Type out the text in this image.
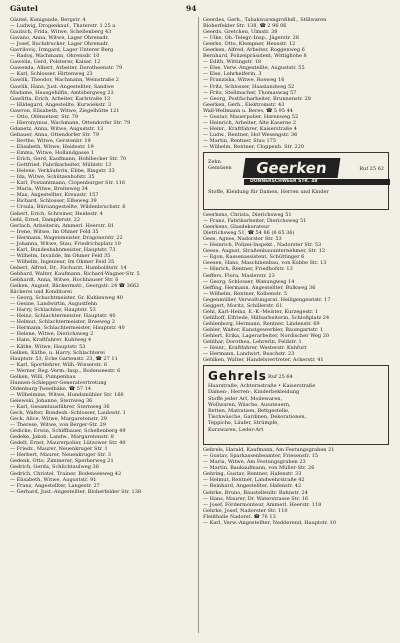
Gäutel	94
Gäutel, Kunigunde, Bergstr. 4
— Ludwig, Drogenkauf., Thaterstr. 1 25 a
Gautsch, Frida, Witwe, Schellenberg 43
Gavano, Anna, Witwe, Lager Ohrensdr.
— Josef, Buchdrucker, Lager Ohrensdr.
Gavriloviç, Irmgard, Lager Unterer Berg
— Radoş, Wachmann, Ohrensdr. 10
Gawelin, Gerd, Polsterer, Kaiser. 12
Gawenda, Albert, Arbeiter, Dorotheenstr. 79
— Karl, Schlosser, Hirtenweg 23
Gawlik, Theodor, Wachmann, Weinstraße 2
Gawlik, Hans, Just.-Angestellter, Sandwe
Madame, Hausgehilfin, Amtsbergweg 23
Gawlitta, Erich, Arbeiter, Karlstraße 13
— Hildegard, Angestellte, Kurwiekstr. 3
Gawron, Elisabeth, Witwe, Ziegelhütte 121
— Otto, Ofensetzer, Str. 79
— Hieronymus, Wachmann, Ottendorfer Str. 79
Gdanetz, Anna, Witwe, Auguststr. 13
Gebauer, Anna, Ottendorfer Str. 79
— Berthe, Witwe, Gerstenbr. 19
— Elisabeth, Witwe, Heidestr. 19
— Emma, Witwe, Hollandgasse 1
— Erich, Gerd, Kaufmann, Hohlbecker Str. 70
— Gottfried, Fabrikarbeiter, Mühlstr. 13
— Helene, Verkäuferin, Ebbe, Ringstr. 33
— Ida, Witwe, Schützenhofstr. 35
— Karl, Postamtmann, Clopenburger Str. 116
— Maria, Witwe, Breiteweg 34
— Max, Angestellter, Kreuzstr. 157
— Richard, Schlosser, Elbeweg 39
— Ursula, Büroangestellte, Wildenbruchstr. 6
Gebert, Erich, Schreiner, Heidestr. 4
Gebl, Ernst, Dampferstr. 22
Gerlach, Arbeiterin, Ammerl. Heerstr. 81
— Irene, Witwe, Im Ohmer Feld 35
— Hermann, Wagenmeister, Dragonerstr. 22
— Johanna, Witwe, Stau, Friedrichsplatz 10
— Karl, Bundesbahnmeister, Hauptstr. 73
— Wilhelm, Invalide, Im Ohmer Feld 35
— Wilhelm, Ingenieur, Im Ohmer Feld 35
Gebert, Alfred, Dr., Facharzt, Humboldtstr. 14
Gebhard, Walter, Kaufmann, Richard-Wagner-Str. 5
Gebhardt, Anna, Witwe, Hochhauser Str. 6
Geiken, August, Bäckermstr., Georgstr. 24 ☎ 3662
Bäckerei und Konditorei
— Georg, Schachtmeister, Gr. Kuhlenweg 40
— Gesine, Landwirtin, Augustfehn
— Harry, Schlachter, Hauptstr. 53
— Heinz, Schlachtermeister, Hauptstr. 40
— Helmut, Schlachtermeister, Breeweg 2
— Hermann, Schlachtermeister, Hauptstr. 40
— Helene, Witwe, Dierichsweg 2
— Hans, Kraftfahrer, Kuhlweg 4
— Käthe, Witwe, Hauptstr. 53
Gelken, Käthe, u. Harry, Schlachterei
Hauptstr. 53, Ecke Gartenstr. 23, ☎ 27 11
— Karl, Sportlehrer, Wilh.-Wisserstr. 6
— Werner, Reg.-Verm.-Insp., Bodenseestr. 6
Gelken, Willi, Pumpenbau
Hunnen-Schlepper-Generalvertretung
Oldenburg-Tweelbäke, ☎ 57 14
— Wilhelmine, Witwe, Hundsmühler Str. 166
Gelewski, Johanne, Sternweg 36
— Karl, Gesamtausführer, Sternweg 36
Geck, Walter, Bundesb.-Schlosser, Laubsstr. 1
Geck, Alice, Witwe, Margaretenstr. 29
— Therese, Witwe, von Berger-Str. 29
Gedicke, Erwin, Schiffbauer, Schellenberg 49
Gedeke, Jakob, Landw., Margaretenstr. 8
Gedelt, Ernst, Maurerpolier, Lützower Str. 40
— Friedr., Maurer, Neuenkruger Str. 1
— Herbert, Maurer, Neuenkruger Str. 3
Gedenk, Otto, Zimmerer, Sperberweg 21
Gedrich, Gerda, Schlichtaulweg 36
Gedrich, Christel, Trainer, Bodenseeweg 42
— Elisabeth, Witwe, Auguststr. 91
— Franz, Angestellter, Langestr. 27
— Gerhard, Just.-Angestellter, Bloherfelder Str. 138
Geerdes, Gerh., Tabakwarengroßhdl., Stillwaren
Bloherfelder Str. 138, ☎ 2 96 06
Geerds, Gretchen, Ulmstr. 38
— Ulke, Ob.-Telegr.-Insp., Jägerstr. 28
Geerke, Otto, Klempner, Heusstr. 12
Geerken, Alfred, Arbeiter, Roggenweg 6
Bernhard, Polizeipräsident, Wittighöhe 8
— Edith, Wittingstr. 18
— Else, Verw.-Angestellte, Auguststr. 55
— Else, Lehrhelferin, 3
— Franziska, Witwe, Rosweg 16
— Fritz, Schlosser, Haaslandweg 52
— Fritz, Stellmacher, Thomaswag 57
— Georg, Postfacharbeiter, Brunnenstr. 28
Geerken, Gerh., Elektromstr. 43
Wall-Wellmann u. Beres, ☎ 5 95 44
— Gustav, Mauerpolier, Harenweg 52
— Heinrich, Arbeiter, Alte Kaserne 2
— Heinr., Kraftfahrer, Kaiserstraße 4
— Ludw., Rentner, Hof Wesengstr. 36
— Martin, Rentner, Stau 175
— Wilhelm, Rentner, Cloppenb. Str. 220
Zehn
Gemüsen	Geerken	Ruf 25 62
DONNERSCHWEER STR. 48
Stoffe, Kleidung für Damen, Herren und Kinder
Geerkens, Christa, Dierichsweg 51
— Franz, Fabrikarbeiter, Dierichsweg 51
Geerkens, Glasdekorateur
Dietrichsweg 51, ☎ 54 86 (8 65 36)
Gees, Agnes, Nadorster Str. 53
— Heinrich, Polizei-Inspekt., Nadorster Str. 53
Geese, August, Straßenbauunternehmer, Str. 12
— Egon, Kassenassistent, Schüttinger 6
Geesen, Hans, Maschinenbau, von Kobbe Str. 13
— Hinrich, Rentner, Friedhofstr. 13
Geffers, Flora, Maslerstr. 23
— Georg, Schlosser, Wanungweg 14
Geffing, Hermann, Angestellter, Bulkweg 36
— Wilhelm, Rentner, Kolbenstr. 5
Gegenmüller, Verwaltungsrat, Heiligengeiststr. 17
Geggert, Moritz, Schillerstr. 61
Gehl, Karl-Heinz, E.-K.-Meister, Kurzegestr. 1
Gehlhoff, Elfriede, Hilfsarbeiterin, Schloßplatz 24
Gehlenborg, Hermann, Rentner, Lindenstr. 69
Gehler, Walter, Kunstgewerbler, Baumgartstr. 1
Gehlert, Erika, Lagerarbeiter, Nordischer Weg 20
Gehlhar, Dorothea, Lehrerin, Feldstr. 1
— Heinr., Kraftfahrer, Westerstr. Kuhfurt
— Hermann, Landwirt, Buschstr. 23
Gehlken, Walter, Handelsvertreter, Ackerstr. 41
Gehrels Ruf 25 64
Haarstraße, Achternstraße • Kaiserstraße
Damen-, Herren-, Kinderbekleidung
Stoffe jeder Art, Modewaren,
Wollwaren, Wäsche, Aussteuern,
Betten, Matratzen, Bettgestelle,
Tischwäsche, Gardinen, Dekorationen,
Teppiche, Läufer, Strümpfe,
Kurzwaren, Leder-Art
Gehrels, Harald, Kaufmann, Am Festungsgraben 21
— Gustav, Sparkassenbeamter, Friesenstr. 15
— Maria, Witwe, Am Festungsgraben 23
— Martin, Baukaufmann, von Müller-Str. 26
Gehring, Gustav, Rentner, Hafenstr. 33
— Helmut, Rentner, Landwehrstraße 42
— Reinhard, Angestellter, Hafenstr. 42
Gehrke, Bruno, Baustellenltr. Bahnstr. 24
— Hans, Maurer, Dr. Waterstrasse Str. 16
— Josef, Fördermonteur, Ammerl. Heerstr. 118
Gehrke, Josef, Nadorster Str. 110
Fleißhalle Nadorst. ☎ 76 13
— Karl, Verw.-Angestellter, Nedderend, Hauptstr. 10
